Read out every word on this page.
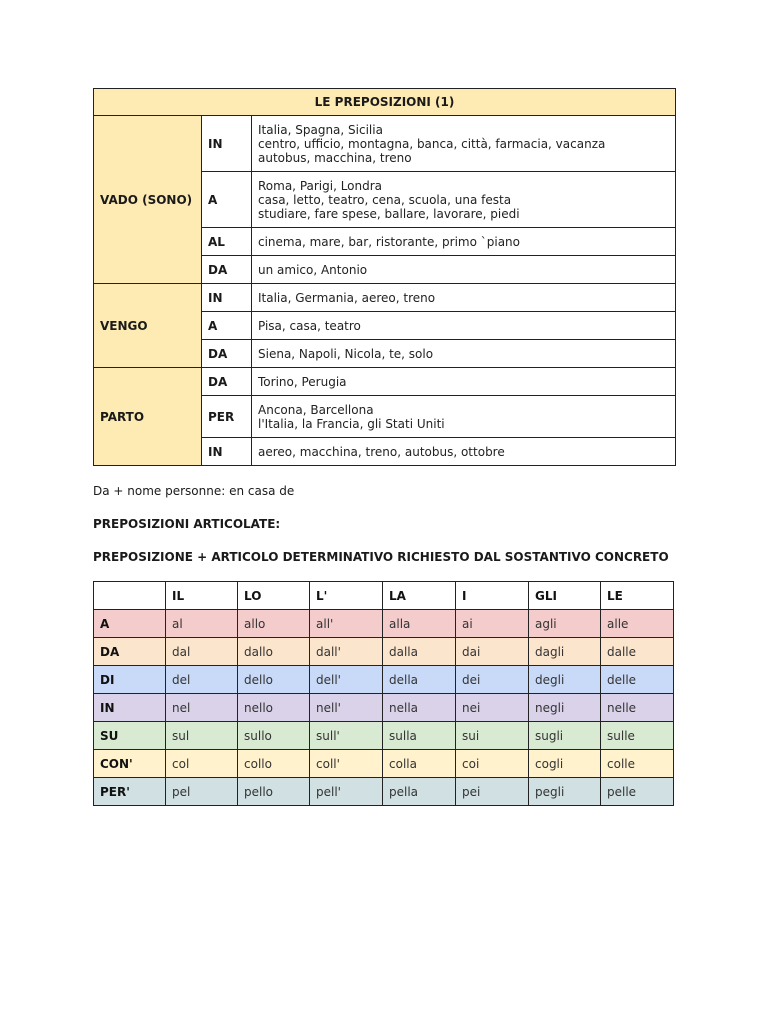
LE PREPOSIZIONI (1)		
VADO (SONO)	IN	Italia, Spagna, Sicilia
centro, ufficio, montagna, banca, città, farmacia, vacanza
autobus, macchina, treno

	A	Roma, Parigi, Londra
casa, letto, teatro, cena, scuola, una festa
studiare, fare spese, ballare, lavorare, piedi

	AL	cinema, mare, bar, ristorante, primo `piano

	DA	un amico, Antonio

VENGO	IN	Italia, Germania, aereo, treno

	A	Pisa, casa, teatro

	DA	Siena, Napoli, Nicola, te, solo

PARTO	DA	Torino, Perugia

	PER	Ancona, Barcellona
l'Italia, la Francia, gli Stati Uniti

	IN	aereo, macchina, treno, autobus, ottobre
Da + nome personne: en casa de
PREPOSIZIONI ARTICOLATE:
PREPOSIZIONE + ARTICOLO DETERMINATIVO RICHIESTO DAL SOSTANTIVO CONCRETO
	IL	LO	L'	LA	I	GLI	LE
A	al	allo	all'	alla	ai	agli	alle
DA	dal	dallo	dall'	dalla	dai	dagli	dalle
DI	del	dello	dell'	della	dei	degli	delle
IN	nel	nello	nell'	nella	nei	negli	nelle
SU	sul	sullo	sull'	sulla	sui	sugli	sulle
CON'	col	collo	coll'	colla	coi	cogli	colle
PER'	pel	pello	pell'	pella	pei	pegli	pelle
